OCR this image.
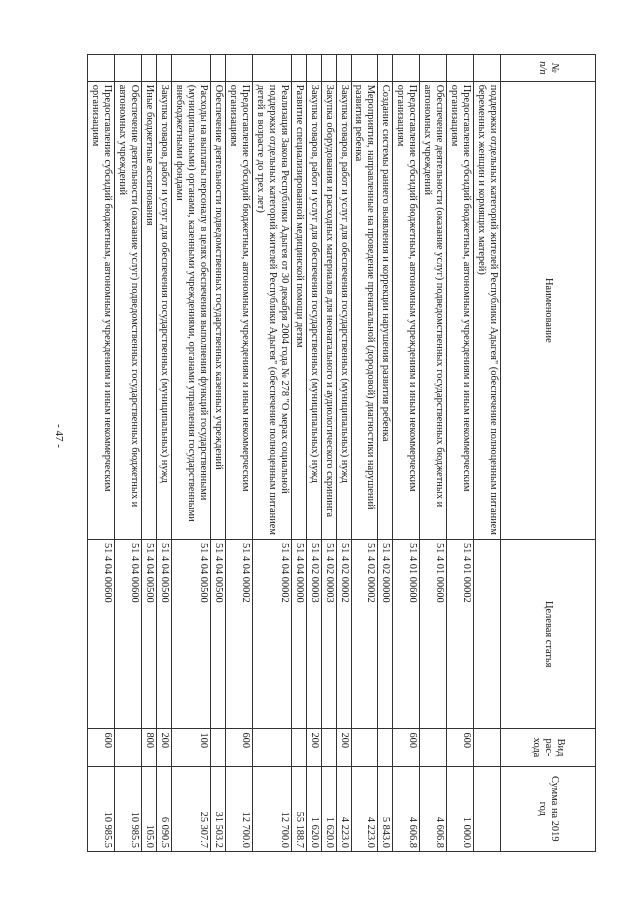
- 47 -
№ п/п	Наименование	Целевая статья	Вид рас-хода	Сумма на 2019 год
	поддержки отдельных категорий жителей Республики Адыгея" (обеспечение полноценным питанием беременных женщин и кормящих матерей)			
	Предоставление субсидий бюджетным, автономным учреждениям и иным некоммерческим организациям	51 4 01 00002	600	1 000.0
	Обеспечение деятельности (оказание услуг) подведомственных государственных бюджетных и автономных учреждений	51 4 01 00600		4 606.8
	Предоставление субсидий бюджетным, автономным учреждениям и иным некоммерческим организациям	51 4 01 00600	600	4 606.8
	Создание системы раннего выявления и коррекции нарушения развития ребенка	51 4 02 00000		5 843.0
	Мероприятия, направленные на проведение пренатальной (дородовой) диагностики нарушений развития ребенка	51 4 02 00002		4 223.0
	Закупка товаров, работ и услуг для обеспечения государственных (муниципальных) нужд	51 4 02 00002	200	4 223.0
	Закупка оборудования и расходных материалов для неонатального и аудиологического скрининга	51 4 02 00003		1 620.0
	Закупка товаров, работ и услуг для обеспечения государственных (муниципальных) нужд	51 4 02 00003	200	1 620.0
	Развитие специализированной медицинской помощи детям	51 4 04 00000		55 188.7
	Реализация Закона Республики Адыгея от 30 декабря 2004 года № 278 "О мерах социальной поддержки отдельных категорий жителей Республики Адыгея" (обеспечение полноценным питанием детей в возрасте до трех лет)	51 4 04 00002		12 700.0
	Предоставление субсидий бюджетным, автономным учреждениям и иным некоммерческим организациям	51 4 04 00002	600	12 700.0
	Обеспечение деятельности подведомственных государственных казенных учреждений	51 4 04 00500		31 503.2
	Расходы на выплаты персоналу в целях обеспечения выполнения функций государственными (муниципальными) органами, казенными учреждениями, органами управления государственными внебюджетными фондами	51 4 04 00500	100	25 307.7
	Закупка товаров, работ и услуг для обеспечения государственных (муниципальных) нужд	51 4 04 00500	200	6 090.5
	Иные бюджетные ассигнования	51 4 04 00500	800	105.0
	Обеспечение деятельности (оказание услуг) подведомственных государственных бюджетных и автономных учреждений	51 4 04 00600		10 985.5
	Предоставление субсидий бюджетным, автономным учреждениям и иным некоммерческим организациям	51 4 04 00600	600	10 985.5
